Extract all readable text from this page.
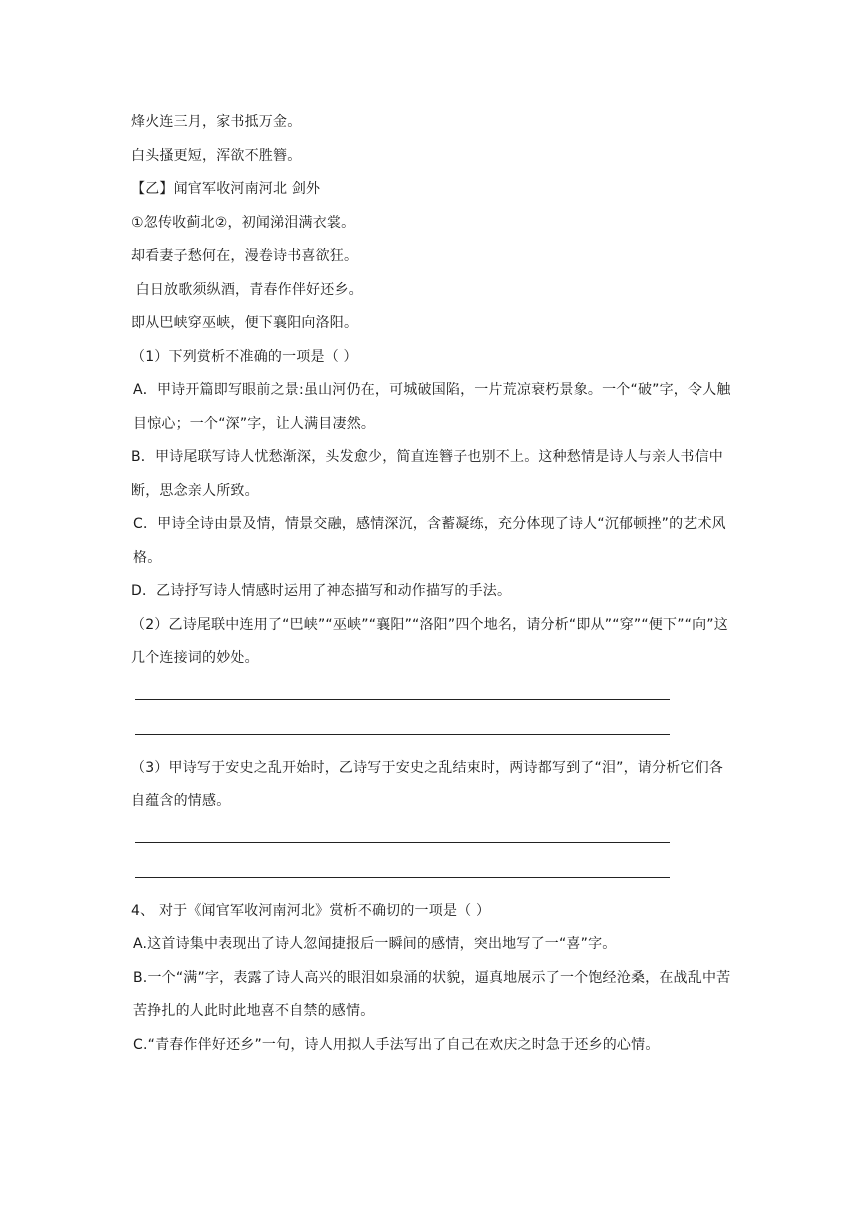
烽火连三月，家书抵万金。
白头搔更短，浑欲不胜簪。
【乙】闻官军收河南河北 剑外
①忽传收蓟北②，初闻涕泪满衣裳。
却看妻子愁何在，漫卷诗书喜欲狂。
白日放歌须纵酒，青春作伴好还乡。
即从巴峡穿巫峡，便下襄阳向洛阳。
（1）下列赏析不准确的一项是（ ）
A．甲诗开篇即写眼前之景:虽山河仍在，可城破国陷，一片荒凉衰朽景象。一个“破”字，令人触目惊心；一个“深”字，让人满目凄然。
B．甲诗尾联写诗人忧愁渐深，头发愈少，简直连簪子也别不上。这种愁情是诗人与亲人书信中断，思念亲人所致。
C．甲诗全诗由景及情，情景交融，感情深沉，含蓄凝练，充分体现了诗人“沉郁顿挫”的艺术风格。
D．乙诗抒写诗人情感时运用了神态描写和动作描写的手法。
（2）乙诗尾联中连用了“巴峡”“巫峡”“襄阳”“洛阳”四个地名，请分析“即从”“穿”“便下”“向”这几个连接词的妙处。
（3）甲诗写于安史之乱开始时，乙诗写于安史之乱结束时，两诗都写到了“泪”，请分析它们各自蕴含的情感。
4、 对于《闻官军收河南河北》赏析不确切的一项是（ ）
A.这首诗集中表现出了诗人忽闻捷报后一瞬间的感情，突出地写了一“喜”字。
B.一个“满”字，表露了诗人高兴的眼泪如泉涌的状貌，逼真地展示了一个饱经沧桑，在战乱中苦苦挣扎的人此时此地喜不自禁的感情。
C.“青春作伴好还乡”一句，诗人用拟人手法写出了自己在欢庆之时急于还乡的心情。
